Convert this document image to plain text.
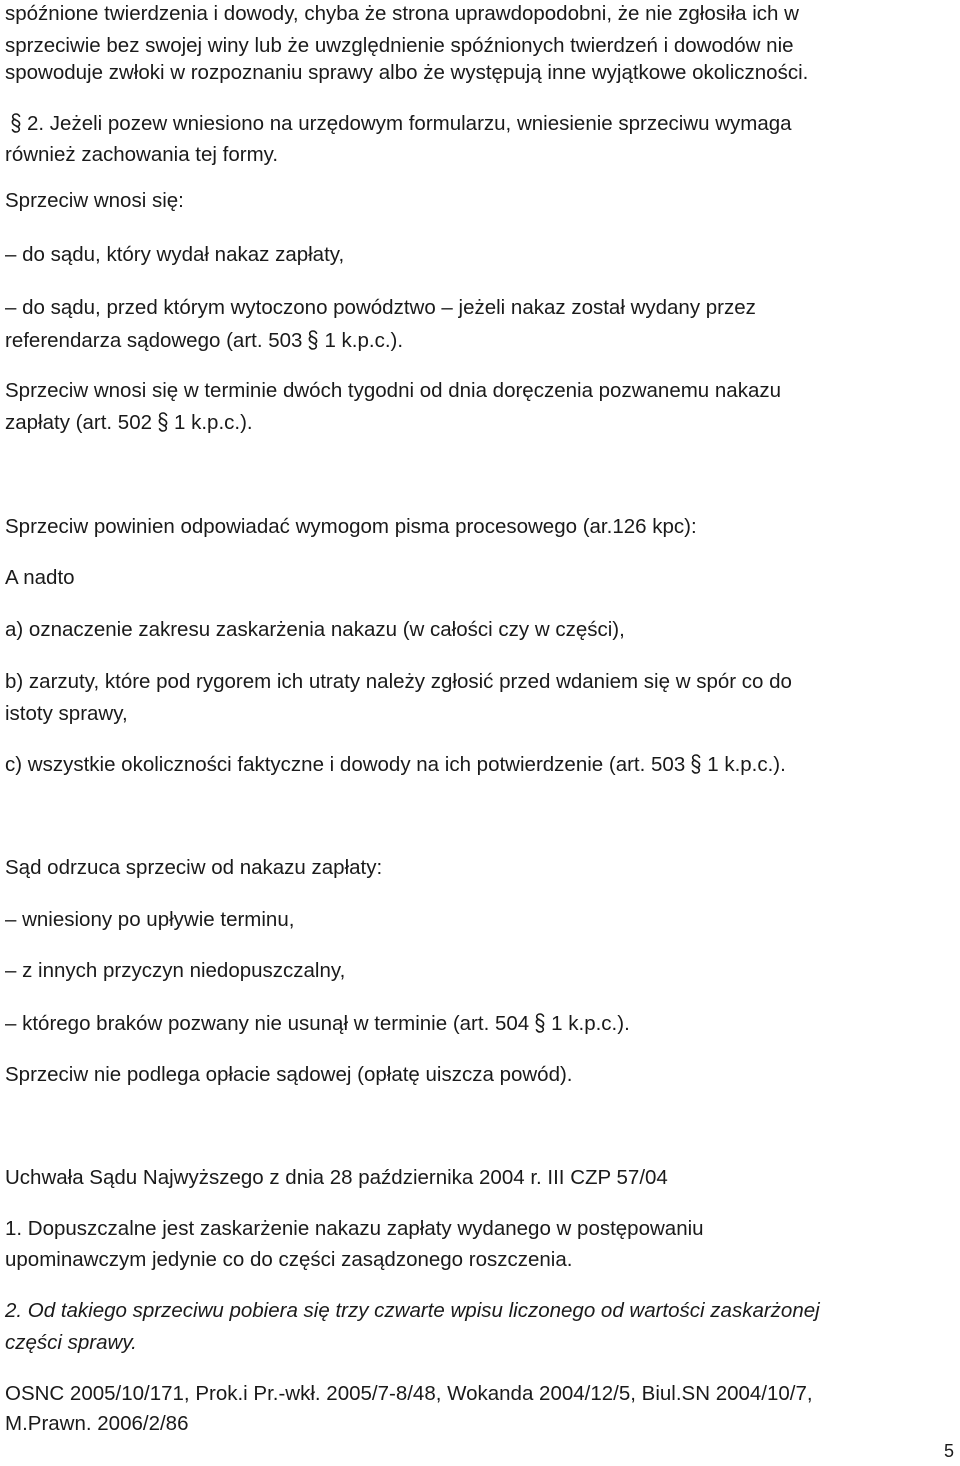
spóźnione twierdzenia i dowody, chyba że strona uprawdopodobni, że nie zgłosiła ich w
sprzeciwie bez swojej winy lub że uwzględnienie spóźnionych twierdzeń i dowodów nie
spowoduje zwłoki w rozpoznaniu sprawy albo że występują inne wyjątkowe okoliczności.
2. Jeżeli pozew wniesiono na urzędowym formularzu, wniesienie sprzeciwu wymaga
również zachowania tej formy.
Sprzeciw wnosi się:
– do sądu, który wydał nakaz zapłaty,
– do sądu, przed którym wytoczono powództwo – jeżeli nakaz został wydany przez
referendarza sądowego (art. 503 1 k.p.c.).
Sprzeciw wnosi się w terminie dwóch tygodni od dnia doręczenia pozwanemu nakazu
zapłaty (art. 502 1 k.p.c.).
Sprzeciw powinien odpowiadać wymogom pisma procesowego (ar.126 kpc):
A nadto
a) oznaczenie zakresu zaskarżenia nakazu (w całości czy w części),
b) zarzuty, które pod rygorem ich utraty należy zgłosić przed wdaniem się w spór co do
istoty sprawy,
c) wszystkie okoliczności faktyczne i dowody na ich potwierdzenie (art. 503 1 k.p.c.).
Sąd odrzuca sprzeciw od nakazu zapłaty:
– wniesiony po upływie terminu,
– z innych przyczyn niedopuszczalny,
– którego braków pozwany nie usunął w terminie (art. 504 1 k.p.c.).
Sprzeciw nie podlega opłacie sądowej (opłatę uiszcza powód).
Uchwała Sądu Najwyższego z dnia 28 października 2004 r. III CZP 57/04
1. Dopuszczalne jest zaskarżenie nakazu zapłaty wydanego w postępowaniu
upominawczym jedynie co do części zasądzonego roszczenia.
2. Od takiego sprzeciwu pobiera się trzy czwarte wpisu liczonego od wartości zaskarżonej
części sprawy.
OSNC 2005/10/171, Prok.i Pr.-wkł. 2005/7-8/48, Wokanda 2004/12/5, Biul.SN 2004/10/7,
M.Prawn. 2006/2/86
5
